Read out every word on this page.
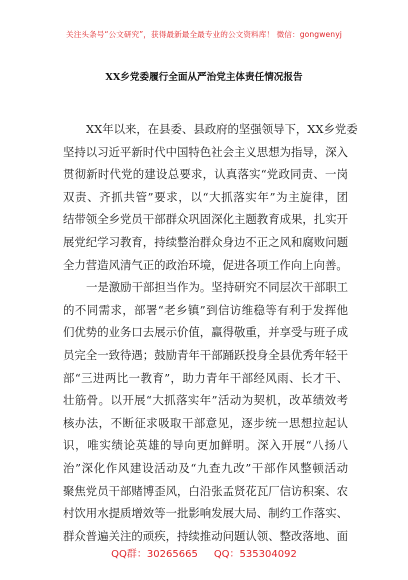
关注头条号“公文研究”，获得最新最全最专业的公文资料库！ 微信：gongwenyj
XX乡党委履行全面从严治党主体责任情况报告
XX年以来，在县委、县政府的坚强领导下，XX乡党委
坚持以习近平新时代中国特色社会主义思想为指导，深入
贯彻新时代党的建设总要求，认真落实“党政同责、一岗
双责、齐抓共管”要求，以“大抓落实年”为主旋律，团
结带领全乡党员干部群众巩固深化主题教育成果，扎实开
展党纪学习教育，持续整治群众身边不正之风和腐败问题
全力营造风清气正的政治环境，促进各项工作向上向善。
一是激励干部担当作为。坚持研究不同层次干部职工
的不同需求，部署“老乡镇”到信访维稳等有利于发挥他
们优势的业务口去展示价值，赢得敬重，并享受与班子成
员完全一致待遇；鼓励青年干部踊跃投身全县优秀年轻干
部“三进两比一教育”，助力青年干部经风雨、长才干、
壮筋骨。以开展“大抓落实年”活动为契机，改革绩效考
核办法，不断征求吸取干部意见，逐步统一思想拉起认
识，唯实绩论英雄的导向更加鲜明。深入开展“八扬八
治”深化作风建设活动及“九查九改”干部作风整顿活动
聚焦党员干部赌博歪风，白沿张孟贤花瓦厂信访积案、农
村饮用水提质增效等一批影响发展大局、制约工作落实、
群众普遍关注的顽疾，持续推动问题认领、整改落地、面
QQ群：30265665 QQ：535304092
